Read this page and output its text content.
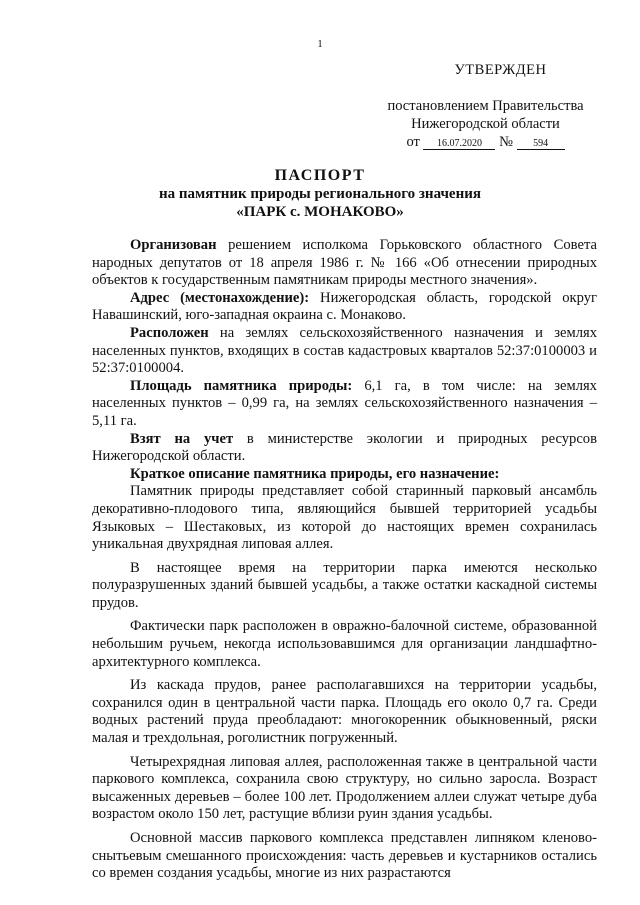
1
УТВЕРЖДЕН
постановлением Правительства
Нижегородской области
от 16.07.2020 № 594
ПАСПОРТ
на памятник природы регионального значения
«ПАРК с. МОНАКОВО»

Организован решением исполкома Горьковского областного Совета народных депутатов от 18 апреля 1986 г. № 166 «Об отнесении природных объектов к государственным памятникам природы местного значения».

Адрес (местонахождение): Нижегородская область, городской округ Навашинский, юго-западная окраина с. Монаково.

Расположен на землях сельскохозяйственного назначения и землях населенных пунктов, входящих в состав кадастровых кварталов 52:37:0100003 и 52:37:0100004.

Площадь памятника природы: 6,1 га, в том числе: на землях населенных пунктов – 0,99 га, на землях сельскохозяйственного назначения – 5,11 га.

Взят на учет в министерстве экологии и природных ресурсов Нижегородской области.

Краткое описание памятника природы, его назначение:

Памятник природы представляет собой старинный парковый ансамбль декоративно-плодового типа, являющийся бывшей территорией усадьбы Языковых – Шестаковых, из которой до настоящих времен сохранилась уникальная двухрядная липовая аллея.

В настоящее время на территории парка имеются несколько полуразрушенных зданий бывшей усадьбы, а также остатки каскадной системы прудов.

Фактически парк расположен в овражно-балочной системе, образованной небольшим ручьем, некогда использовавшимся для организации ландшафтно-архитектурного комплекса.

Из каскада прудов, ранее располагавшихся на территории усадьбы, сохранился один в центральной части парка. Площадь его около 0,7 га. Среди водных растений пруда преобладают: многокоренник обыкновенный, ряски малая и трехдольная, роголистник погруженный.

Четырехрядная липовая аллея, расположенная также в центральной части паркового комплекса, сохранила свою структуру, но сильно заросла. Возраст высаженных деревьев – более 100 лет. Продолжением аллеи служат четыре дуба возрастом около 150 лет, растущие вблизи руин здания усадьбы.

Основной массив паркового комплекса представлен липняком кленово-снытьевым смешанного происхождения: часть деревьев и кустарников остались со времен создания усадьбы, многие из них разрастаются
